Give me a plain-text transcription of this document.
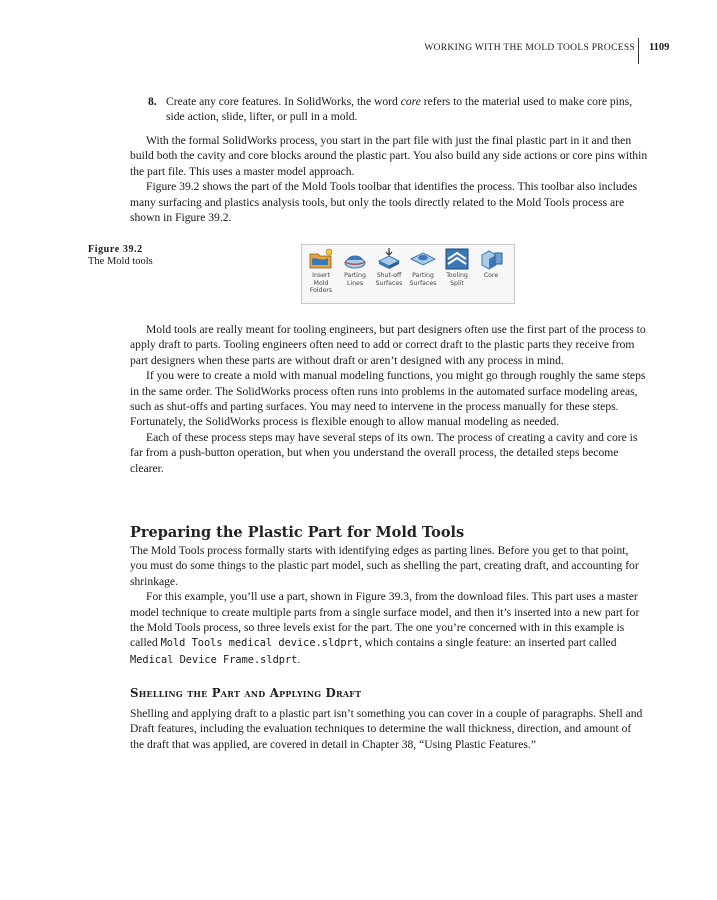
WORKING WITH THE MOLD TOOLS PROCESS 1109
8. Create any core features. In SolidWorks, the word core refers to the material used to make core pins, side action, slide, lifter, or pull in a mold.

With the formal SolidWorks process, you start in the part file with just the final plastic part in it and then build both the cavity and core blocks around the plastic part. You also build any side actions or core pins within the part file. This uses a master model approach.

Figure 39.2 shows the part of the Mold Tools toolbar that identifies the process. This toolbar also includes many surfacing and plastics analysis tools, but only the tools directly related to the Mold Tools process are shown in Figure 39.2.

Figure 39.2
The Mold tools
Insert Mold Folders
Parting Lines
Shut-off Surfaces
Parting Surfaces
Tooling Split
Core

Mold tools are really meant for tooling engineers, but part designers often use the first part of the process to apply draft to parts. Tooling engineers often need to add or correct draft to the plastic parts they receive from part designers when these parts are without draft or aren’t designed with any process in mind.

If you were to create a mold with manual modeling functions, you might go through roughly the same steps in the same order. The SolidWorks process often runs into problems in the automated surface modeling areas, such as shut-offs and parting surfaces. You may need to intervene in the process manually for these steps. Fortunately, the SolidWorks process is flexible enough to allow manual modeling as needed.

Each of these process steps may have several steps of its own. The process of creating a cavity and core is far from a push-button operation, but when you understand the overall process, the detailed steps become clearer.

Preparing the Plastic Part for Mold Tools

The Mold Tools process formally starts with identifying edges as parting lines. Before you get to that point, you must do some things to the plastic part model, such as shelling the part, creating draft, and accounting for shrinkage.

For this example, you’ll use a part, shown in Figure 39.3, from the download files. This part uses a master model technique to create multiple parts from a single surface model, and then it’s inserted into a new part for the Mold Tools process, so three levels exist for the part. The one you’re concerned with in this example is called Mold Tools medical device.sldprt, which contains a single feature: an inserted part called Medical Device Frame.sldprt.

Shelling the Part and Applying Draft

Shelling and applying draft to a plastic part isn’t something you can cover in a couple of paragraphs. Shell and Draft features, including the evaluation techniques to determine the wall thickness, direction, and amount of the draft that was applied, are covered in detail in Chapter 38, “Using Plastic Features.”
